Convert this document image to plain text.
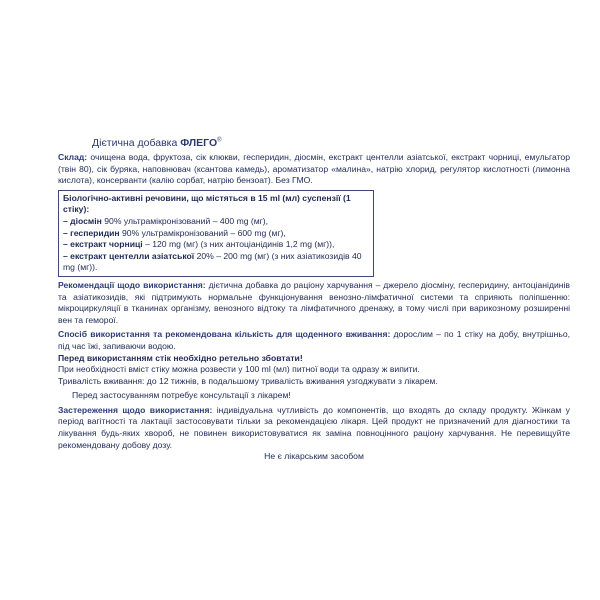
Дієтична добавка ФЛЕГО®

Склад: очищена вода, фруктоза, сік клюкви, гесперидин, діосмін, екстракт центелли азіатської, екстракт чорниці, емульгатор (твін 80), сік буряка, наповнювач (ксантова камедь), ароматизатор «малина», натрію хлорид, регулятор кислотності (лимонна кислота), консерванти (калію сорбат, натрію бензоат). Без ГМО.

Біологічно-активні речовини, що містяться в 15 ml (мл) суспензії (1 стіку):

– діосмін 90% ультрамікронізований – 400 mg (мг),

– гесперидин 90% ультрамікронізований – 600 mg (мг),

– екстракт чорниці – 120 mg (мг) (з них антоціанідинів 1,2 mg (мг)),

– екстракт центелли азіатської 20% – 200 mg (мг) (з них азіатикозидів 40 mg (мг)).

Рекомендації щодо використання: дієтична добавка до раціону харчування – джерело діосміну, гесперидину, антоціанідинів та азіатикозидів, які підтримують нормальне функціонування венозно-лімфатичної системи та сприяють поліпшенню: мікроциркуляції в тканинах організму, венозного відтоку та лімфатичного дренажу, в тому числі при варикозному розширенні вен та геморої.

Спосіб використання та рекомендована кількість для щоденного вживання: дорослим – по 1 стіку на добу, внутрішньо, під час їжі, запиваючи водою.

Перед використанням стік необхідно ретельно збовтати!

При необхідності вміст стіку можна розвести у 100 ml (мл) питної води та одразу ж випити.

Тривалість вживання: до 12 тижнів, в подальшому тривалість вживання узгоджувати з лікарем.

Перед застосуванням потребує консультації з лікарем!

Застереження щодо використання: індивідуальна чутливість до компонентів, що входять до складу продукту. Жінкам у період вагітності та лактації застосовувати тільки за рекомендацією лікаря. Цей продукт не призначений для діагностики та лікування будь-яких хвороб, не повинен використовуватися як заміна повноцінного раціону харчування. Не перевищуйте рекомендовану добову дозу.

Не є лікарським засобом
